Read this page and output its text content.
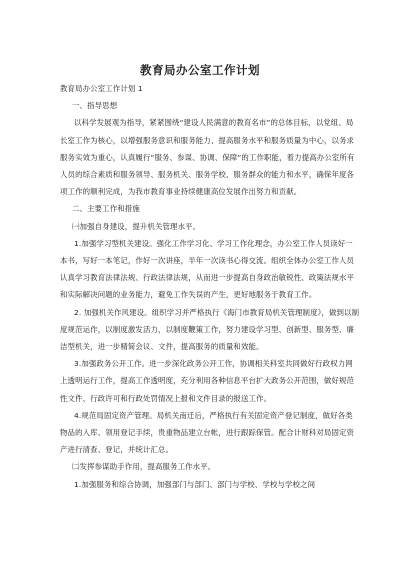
教育局办公室工作计划

教育局办公室工作计划 1

一、指导思想

以科学发展观为指导，紧紧围绕“建设人民满意的教育名市”的总体目标，以党组、局长室工作为核心，以增强服务意识和服务能力、提高服务水平和服务质量为中心，以务求服务实效为重心，认真履行“服务、参谋、协调、保障”的工作职能，着力提高办公室所有人员的综合素质和服务领导、服务机关、服务学校、服务群众的能力和水平，确保年度各项工作的顺利完成，为我市教育事业持续健康高位发展作出努力和贡献。

二、主要工作和措施

㈠加强自身建设，提升机关管理水平。

1.加强学习型机关建设。强化工作学习化、学习工作化理念，办公室工作人员读好一本书，写好一本笔记，作好一次讲座，半年一次读书心得交流。组织全体办公室工作人员认真学习教育法律法规、行政法律法规，从而进一步提高自身政治敏锐性、政策法规水平和实际解决问题的业务能力，避免工作失误的产生，更好地服务于教育工作。

2. 加强机关作风建设。组织学习并严格执行《海门市教育局机关管理制度》，做到以制度规范运作，以制度激发活力，以制度鞭策工作，努力建设学习型、创新型、服务型、廉洁型机关，进一步精简会议、文件，提高服务的质量和效能。

3.加强政务公开工作。进一步深化政务公开工作，协调相关科室共同做好行政权力网上透明运行工作，提高工作透明度，充分利用各种信息平台扩大政务公开范围，做好规范性文件、行政许可和行政处罚情况上报和文件目录的报送工作。

4.规范局固定资产管理。局机关南迁后，严格执行有关固定资产登记制度，做好各类物品的入库、领用登记手续，贵重物品建立台帐，进行跟踪保管。配合计财科对局固定资产进行清查、登记，并统计汇总。

㈡发挥参谋助手作用，提高服务工作水平。

1.加强服务和综合协调，加强部门与部门、部门与学校、学校与学校之间
